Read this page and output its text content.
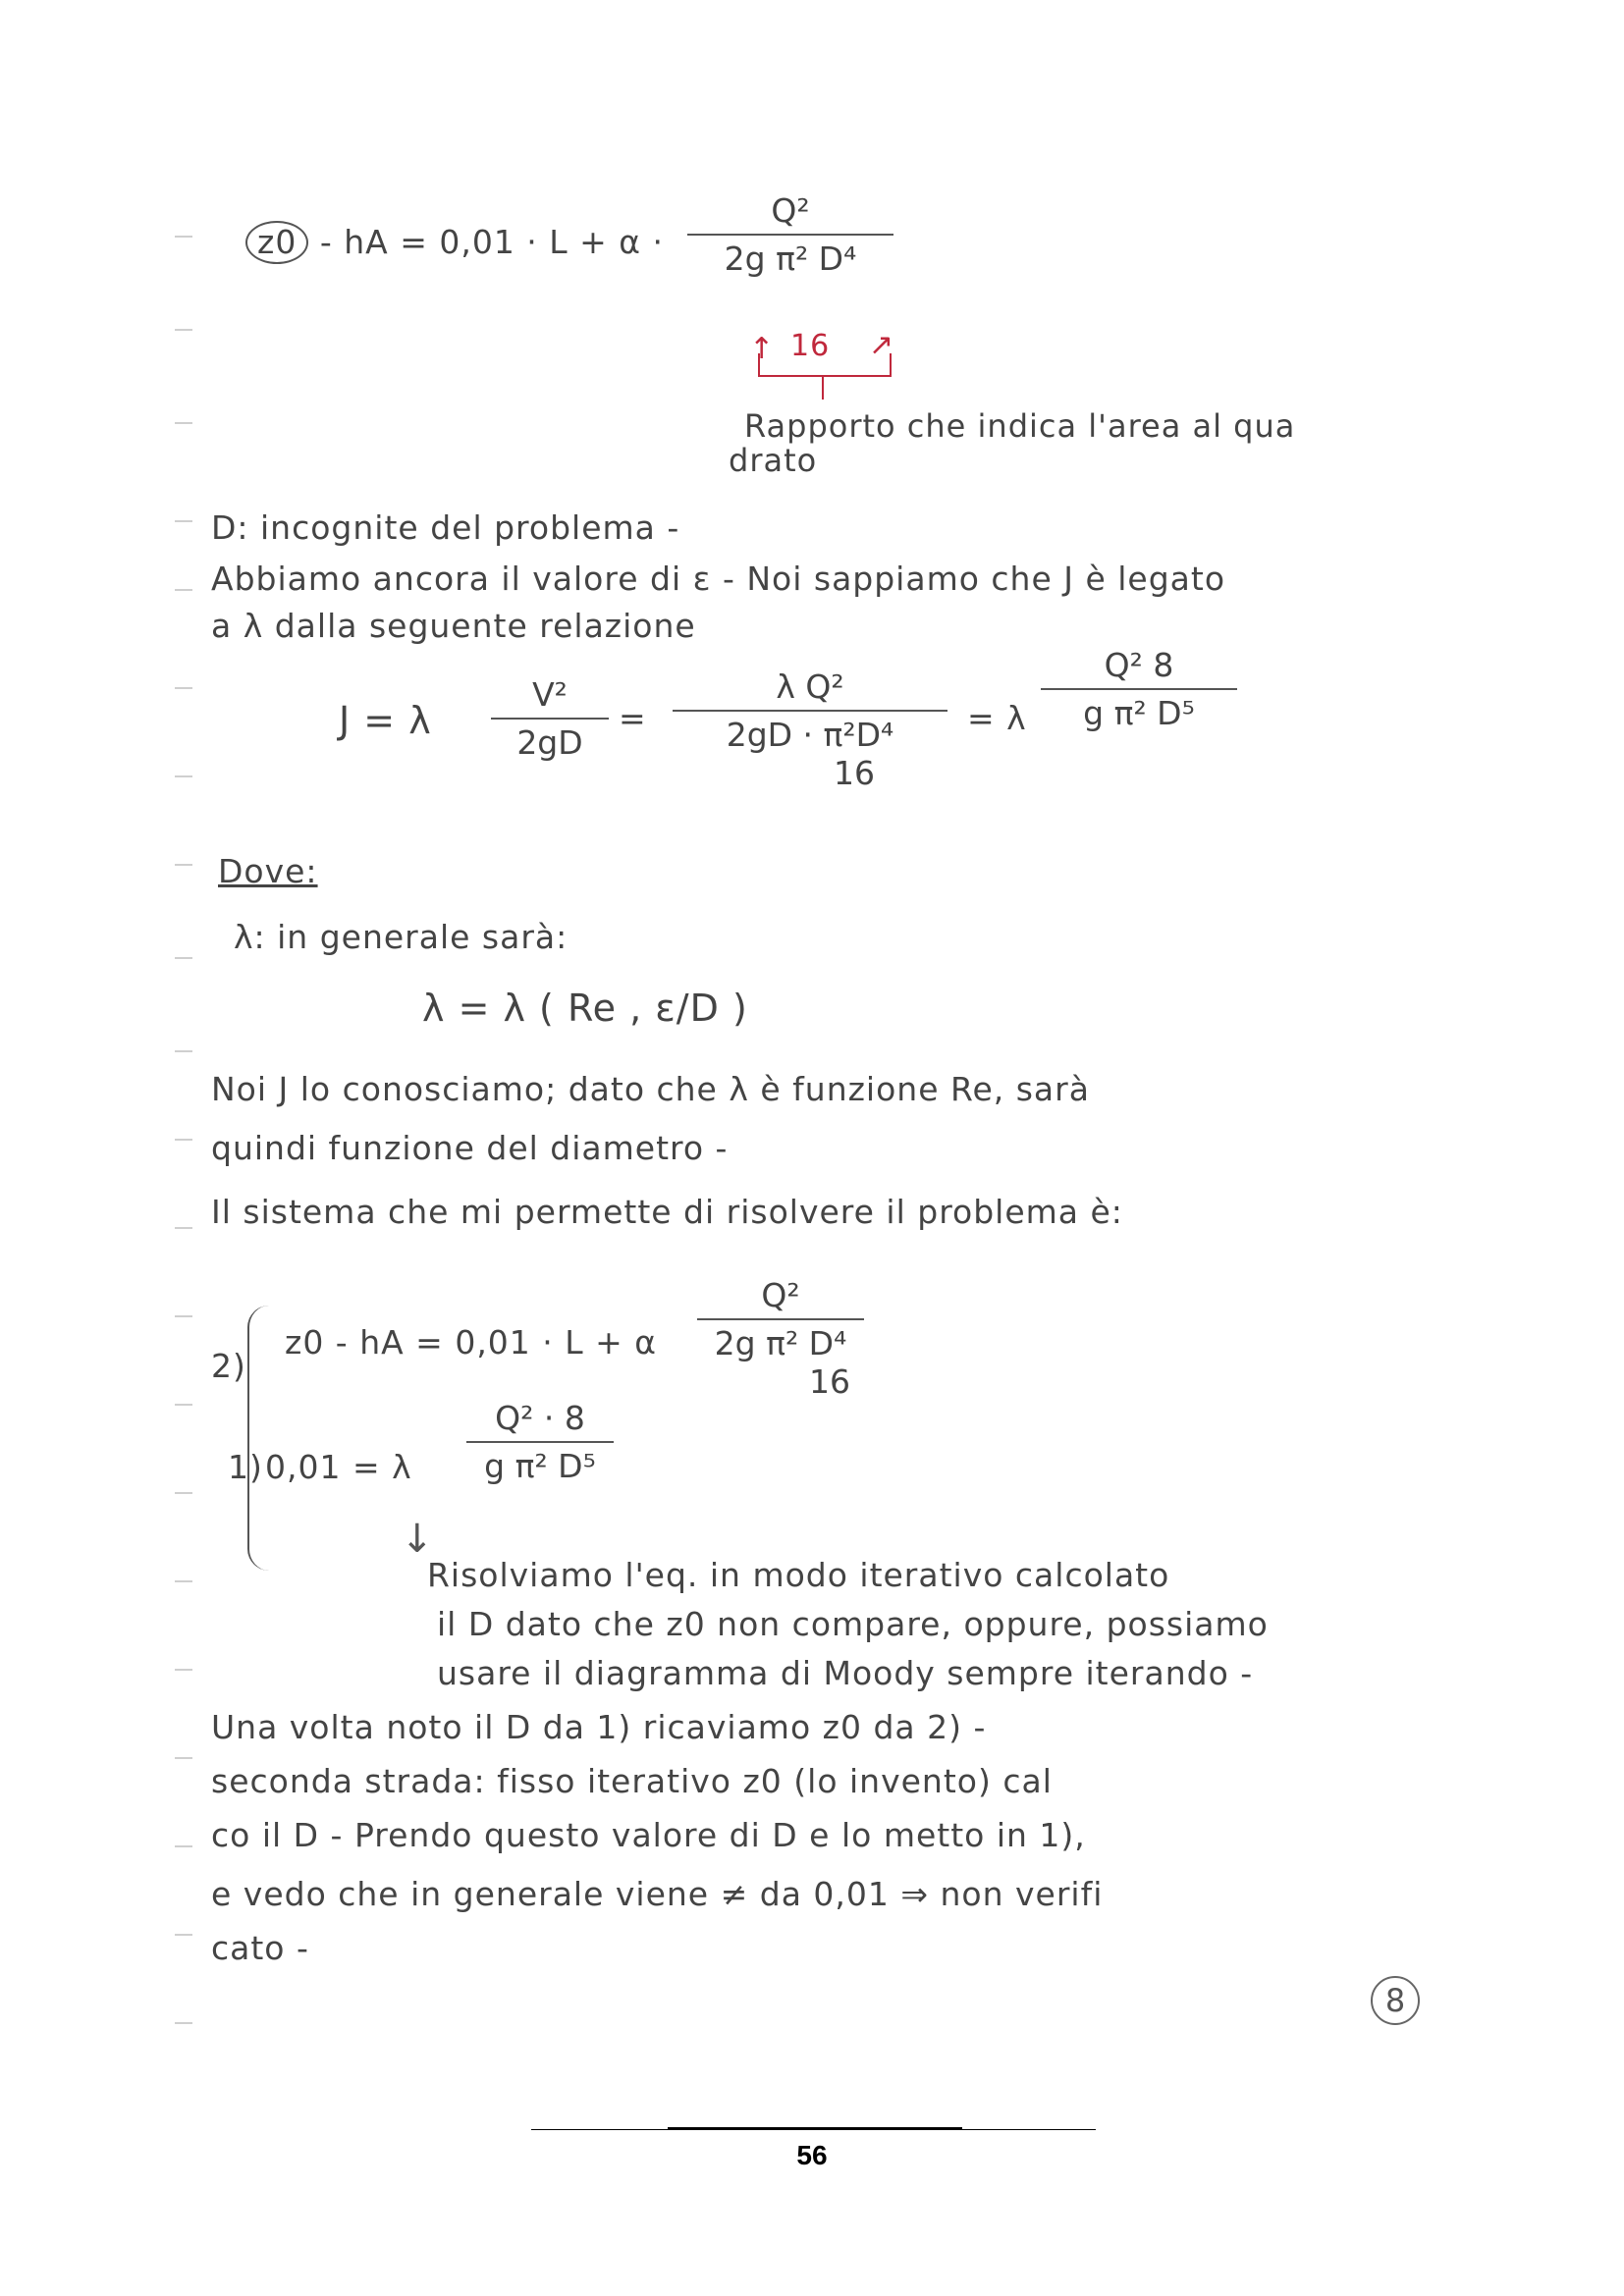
z0 - hA = 0,01 · L + α ·
Q²
2g π² D⁴
16
↑	↗
Rapporto che indica l'area al qua
drato
D: incognite del problema -
Abbiamo ancora il valore di ε - Noi sappiamo che J è legato
a λ dalla seguente relazione
J = λ
V²
2gD
=
λ Q²
2gD · π²D⁴
16
= λ
Q² 8
g π² D⁵
Dove:
λ: in generale sarà:
λ = λ ( Re , ε/D )
Noi J lo conosciamo; dato che λ è funzione Re, sarà
quindi funzione del diametro -
Il sistema che mi permette di risolvere il problema è:
2)
z0 - hA = 0,01 · L + α
Q²
2g π² D⁴
16
1) 0,01 = λ
Q² · 8
g π² D⁵
↓
Risolviamo l'eq. in modo iterativo calcolato
il D dato che z0 non compare, oppure, possiamo
usare il diagramma di Moody sempre iterando -
Una volta noto il D da 1) ricaviamo z0 da 2) -
seconda strada: fisso iterativo z0 (lo invento) cal
co il D - Prendo questo valore di D e lo metto in 1),
e vedo che in generale viene ≠ da 0,01 ⇒ non verifi
cato -
8
56
